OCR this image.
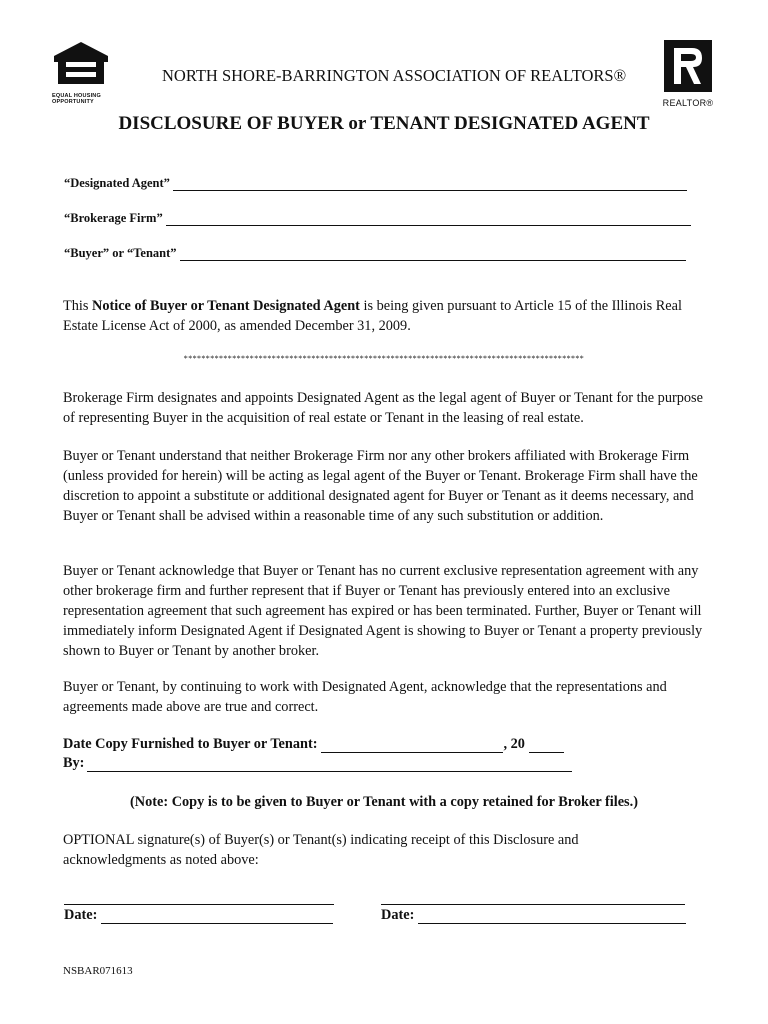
EQUAL HOUSING
OPPORTUNITY
NORTH SHORE-BARRINGTON ASSOCIATION OF REALTORS®
REALTOR®
DISCLOSURE OF BUYER or TENANT DESIGNATED AGENT
“Designated Agent”
“Brokerage Firm”
“Buyer” or “Tenant”
This Notice of Buyer or Tenant Designated Agent is being given pursuant to Article 15 of the Illinois Real Estate License Act of 2000, as amended December 31, 2009.
*******************************************************************************************
Brokerage Firm designates and appoints Designated Agent as the legal agent of Buyer or Tenant for the purpose of representing Buyer in the acquisition of real estate or Tenant in the leasing of real estate.
Buyer or Tenant understand that neither Brokerage Firm nor any other brokers affiliated with Brokerage Firm (unless provided for herein) will be acting as legal agent of the Buyer or Tenant. Brokerage Firm shall have the discretion to appoint a substitute or additional designated agent for Buyer or Tenant as it deems necessary, and Buyer or Tenant shall be advised within a reasonable time of any such substitution or addition.
Buyer or Tenant acknowledge that Buyer or Tenant has no current exclusive representation agreement with any other brokerage firm and further represent that if Buyer or Tenant has previously entered into an exclusive representation agreement that such agreement has expired or has been terminated. Further, Buyer or Tenant will immediately inform Designated Agent if Designated Agent is showing to Buyer or Tenant a property previously shown to Buyer or Tenant by another broker.
Buyer or Tenant, by continuing to work with Designated Agent, acknowledge that the representations and agreements made above are true and correct.
Date Copy Furnished to Buyer or Tenant:	, 20
By:
(Note: Copy is to be given to Buyer or Tenant with a copy retained for Broker files.)
OPTIONAL signature(s) of Buyer(s) or Tenant(s) indicating receipt of this Disclosure and acknowledgments as noted above:
Date:	Date:
NSBAR071613
